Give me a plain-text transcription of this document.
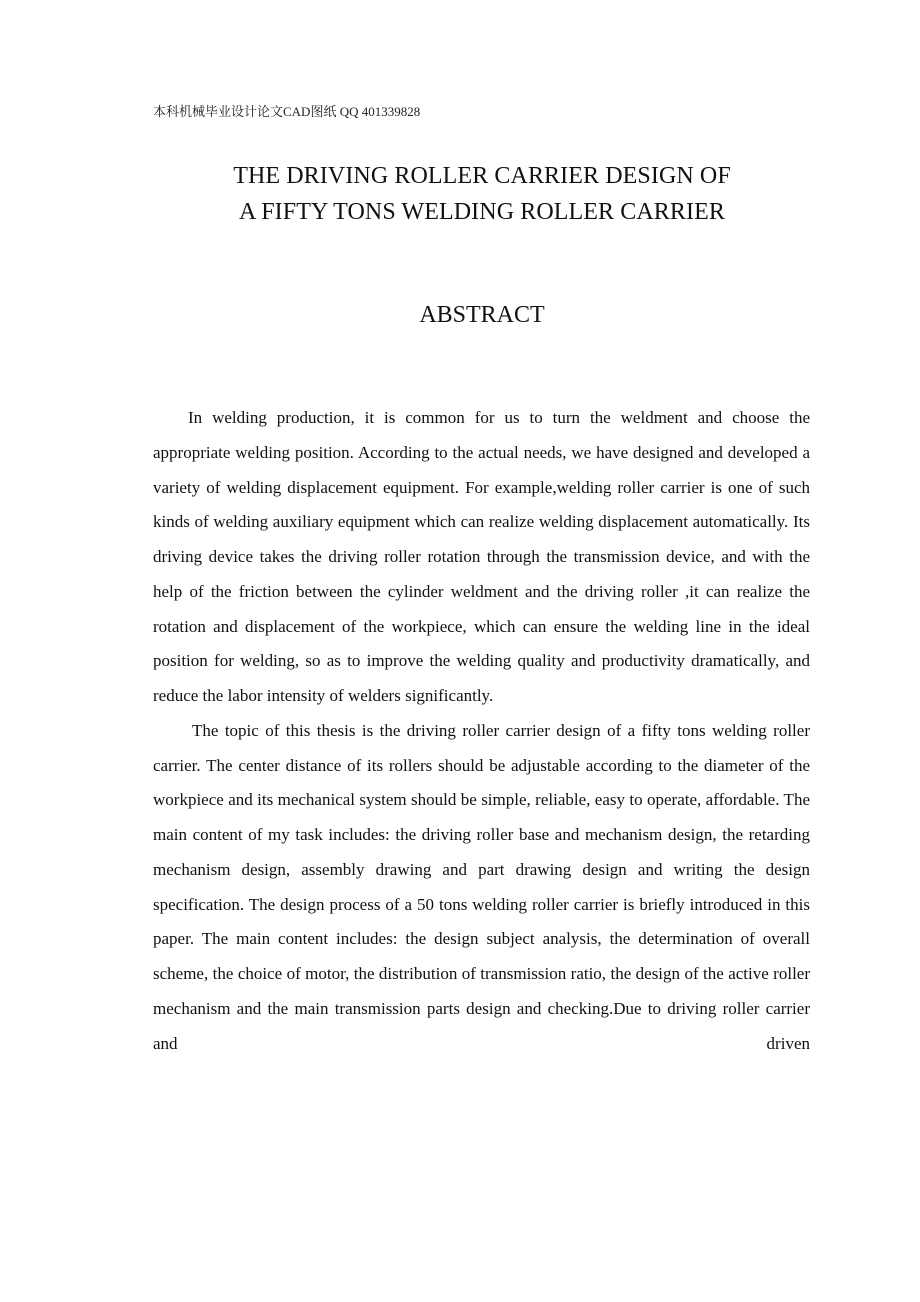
本科机械毕业设计论文CAD图纸 QQ 401339828
THE DRIVING ROLLER CARRIER DESIGN OF
A FIFTY TONS WELDING ROLLER CARRIER
ABSTRACT

In welding production, it is common for us to turn the weldment and choose the appropriate welding position. According to the actual needs, we have designed and developed a variety of welding displacement equipment. For example,welding roller carrier is one of such kinds of welding auxiliary equipment which can realize welding displacement automatically. Its driving device takes the driving roller rotation through the transmission device, and with the help of the friction between the cylinder weldment and the driving roller ,it can realize the rotation and displacement of the workpiece, which can ensure the welding line in the ideal position for welding, so as to improve the welding quality and productivity dramatically, and reduce the labor intensity of welders significantly.

The topic of this thesis is the driving roller carrier design of a fifty tons welding roller carrier. The center distance of its rollers should be adjustable according to the diameter of the workpiece and its mechanical system should be simple, reliable, easy to operate, affordable. The main content of my task includes: the driving roller base and mechanism design, the retarding mechanism design, assembly drawing and part drawing design and writing the design specification. The design process of a 50 tons welding roller carrier is briefly introduced in this paper. The main content includes: the design subject analysis, the determination of overall scheme, the choice of motor, the distribution of transmission ratio, the design of the active roller mechanism and the main transmission parts design and checking.Due to driving roller carrier and driven
